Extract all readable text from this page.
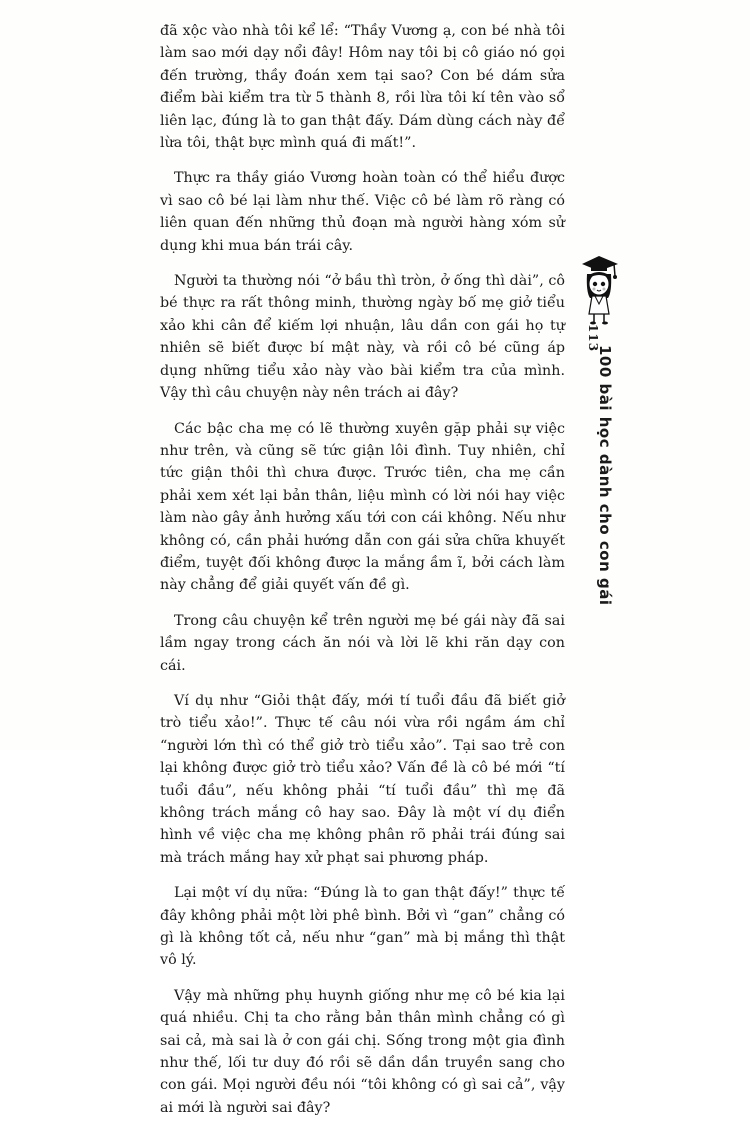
đã xộc vào nhà tôi kể lể: “Thầy Vương ạ, con bé nhà tôi làm sao mới dạy nổi đây! Hôm nay tôi bị cô giáo nó gọi đến trường, thầy đoán xem tại sao? Con bé dám sửa điểm bài kiểm tra từ 5 thành 8, rồi lừa tôi kí tên vào sổ liên lạc, đúng là to gan thật đấy. Dám dùng cách này để lừa tôi, thật bực mình quá đi mất!”.

Thực ra thầy giáo Vương hoàn toàn có thể hiểu được vì sao cô bé lại làm như thế. Việc cô bé làm rõ ràng có liên quan đến những thủ đoạn mà người hàng xóm sử dụng khi mua bán trái cây.

Người ta thường nói “ở bầu thì tròn, ở ống thì dài”, cô bé thực ra rất thông minh, thường ngày bố mẹ giở tiểu xảo khi cân để kiếm lợi nhuận, lâu dần con gái họ tự nhiên sẽ biết được bí mật này, và rồi cô bé cũng áp dụng những tiểu xảo này vào bài kiểm tra của mình. Vậy thì câu chuyện này nên trách ai đây?

Các bậc cha mẹ có lẽ thường xuyên gặp phải sự việc như trên, và cũng sẽ tức giận lôi đình. Tuy nhiên, chỉ tức giận thôi thì chưa được. Trước tiên, cha mẹ cần phải xem xét lại bản thân, liệu mình có lời nói hay việc làm nào gây ảnh hưởng xấu tới con cái không. Nếu như không có, cần phải hướng dẫn con gái sửa chữa khuyết điểm, tuyệt đối không được la mắng ầm ĩ, bởi cách làm này chẳng để giải quyết vấn đề gì.

Trong câu chuyện kể trên người mẹ bé gái này đã sai lầm ngay trong cách ăn nói và lời lẽ khi răn dạy con cái.

Ví dụ như “Giỏi thật đấy, mới tí tuổi đầu đã biết giở trò tiểu xảo!”. Thực tế câu nói vừa rồi ngầm ám chỉ “người lớn thì có thể giở trò tiểu xảo”. Tại sao trẻ con lại không được giở trò tiểu xảo? Vấn đề là cô bé mới “tí tuổi đầu”, nếu không phải “tí tuổi đầu” thì mẹ đã không trách mắng cô hay sao. Đây là một ví dụ điển hình về việc cha mẹ không phân rõ phải trái đúng sai mà trách mắng hay xử phạt sai phương pháp.

Lại một ví dụ nữa: “Đúng là to gan thật đấy!” thực tế đây không phải một lời phê bình. Bởi vì “gan” chẳng có gì là không tốt cả, nếu như “gan” mà bị mắng thì thật vô lý.

Vậy mà những phụ huynh giống như mẹ cô bé kia lại quá nhiều. Chị ta cho rằng bản thân mình chẳng có gì sai cả, mà sai là ở con gái chị. Sống trong một gia đình như thế, lối tư duy đó rồi sẽ dần dần truyền sang cho con gái. Mọi người đều nói “tôi không có gì sai cả”, vậy ai mới là người sai đây?

113
100 bài học dành cho con gái
